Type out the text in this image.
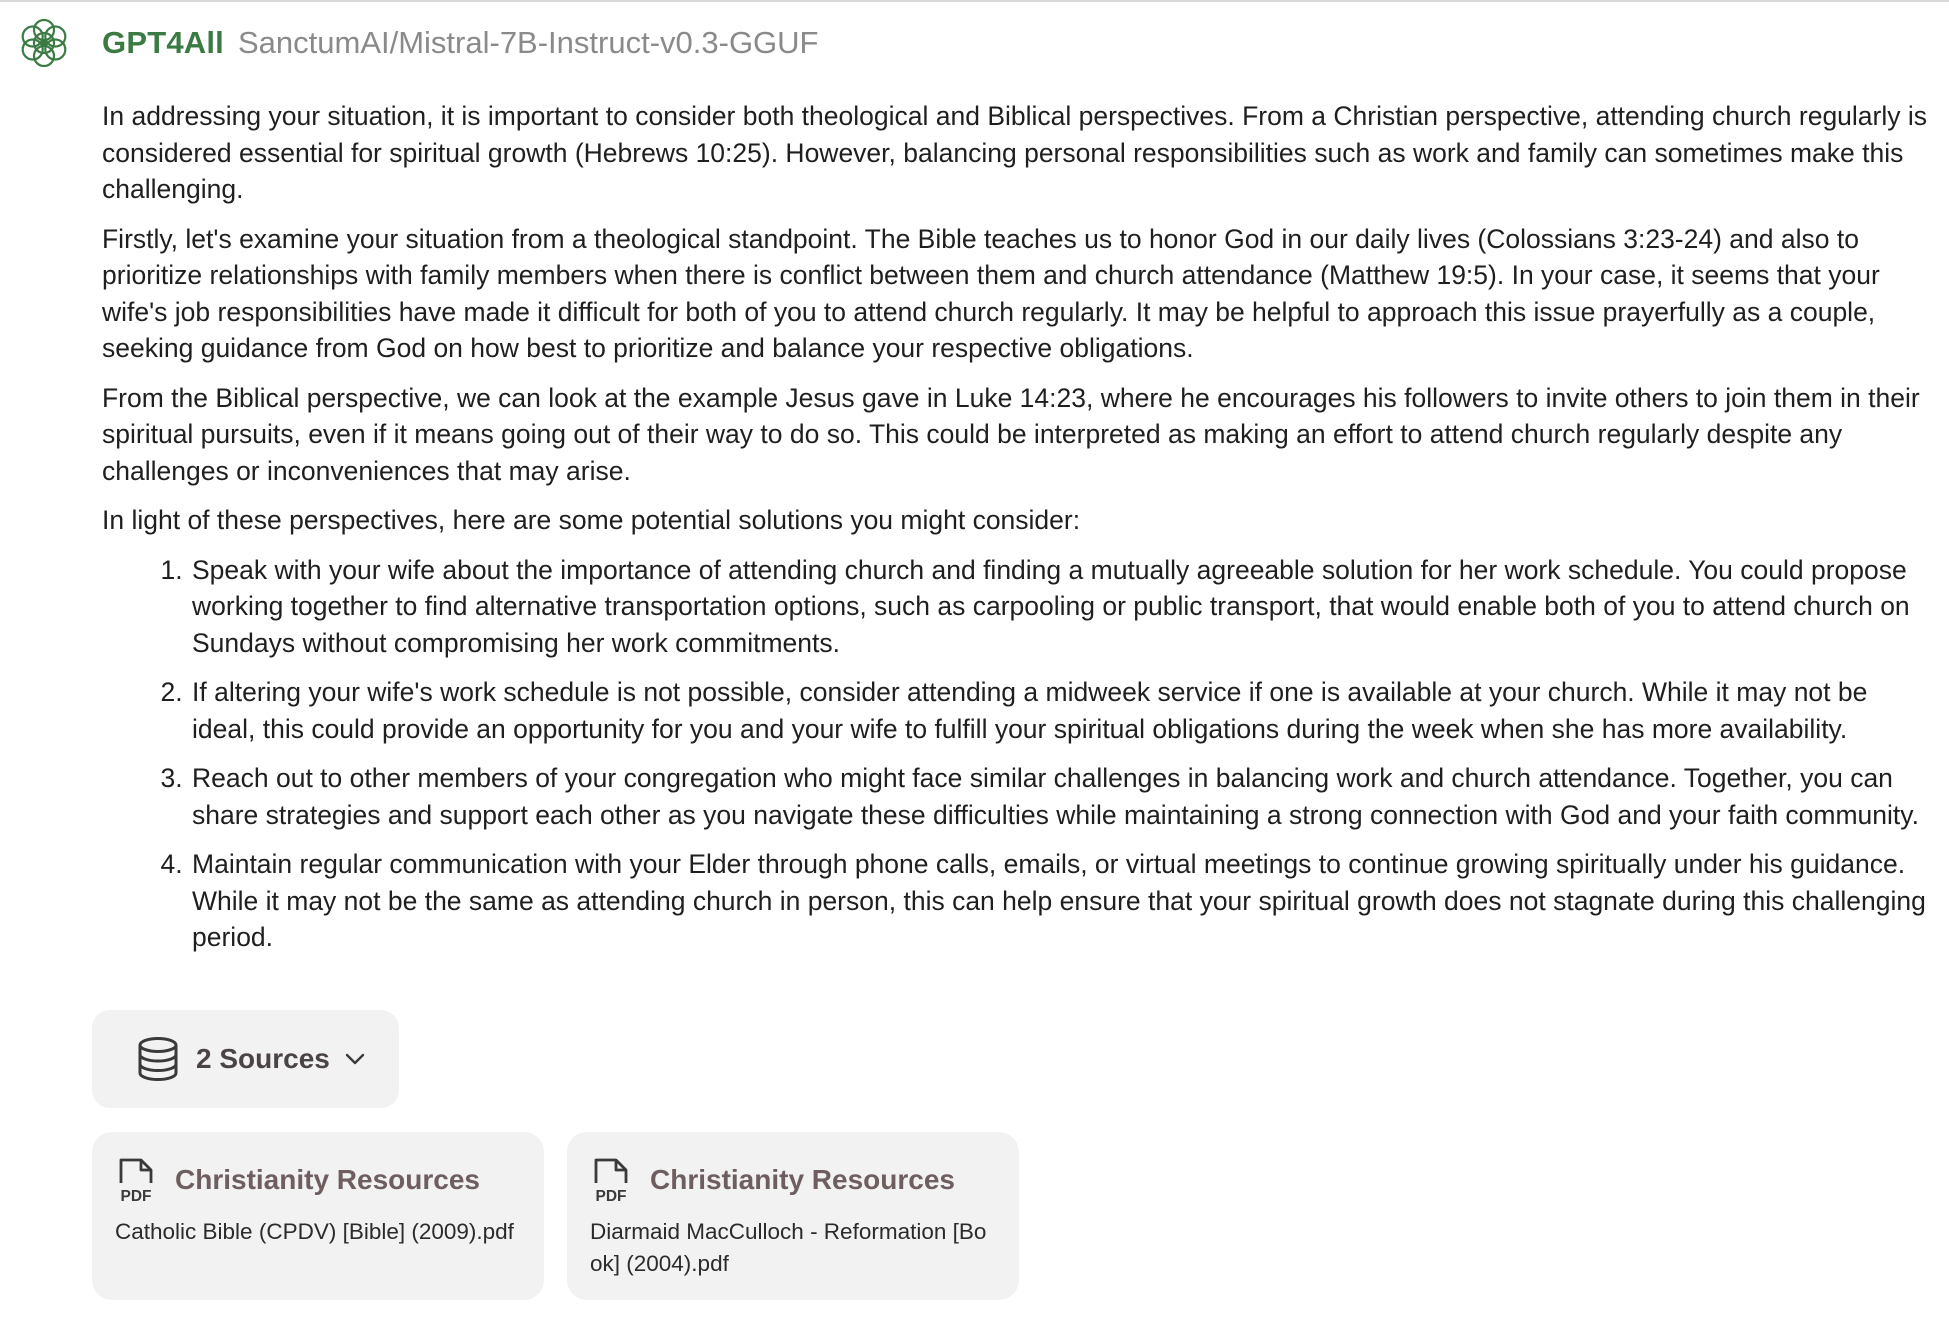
GPT4All SanctumAI/Mistral-7B-Instruct-v0.3-GGUF

In addressing your situation, it is important to consider both theological and Biblical perspectives. From a Christian perspective, attending church regularly is considered essential for spiritual growth (Hebrews 10:25). However, balancing personal responsibilities such as work and family can sometimes make this challenging.

Firstly, let's examine your situation from a theological standpoint. The Bible teaches us to honor God in our daily lives (Colossians 3:23-24) and also to prioritize relationships with family members when there is conflict between them and church attendance (Matthew 19:5). In your case, it seems that your wife's job responsibilities have made it difficult for both of you to attend church regularly. It may be helpful to approach this issue prayerfully as a couple, seeking guidance from God on how best to prioritize and balance your respective obligations.

From the Biblical perspective, we can look at the example Jesus gave in Luke 14:23, where he encourages his followers to invite others to join them in their spiritual pursuits, even if it means going out of their way to do so. This could be interpreted as making an effort to attend church regularly despite any challenges or inconveniences that may arise.

In light of these perspectives, here are some potential solutions you might consider:

1. Speak with your wife about the importance of attending church and finding a mutually agreeable solution for her work schedule. You could propose working together to find alternative transportation options, such as carpooling or public transport, that would enable both of you to attend church on Sundays without compromising her work commitments.
2. If altering your wife's work schedule is not possible, consider attending a midweek service if one is available at your church. While it may not be ideal, this could provide an opportunity for you and your wife to fulfill your spiritual obligations during the week when she has more availability.
3. Reach out to other members of your congregation who might face similar challenges in balancing work and church attendance. Together, you can share strategies and support each other as you navigate these difficulties while maintaining a strong connection with God and your faith community.
4. Maintain regular communication with your Elder through phone calls, emails, or virtual meetings to continue growing spiritually under his guidance. While it may not be the same as attending church in person, this can help ensure that your spiritual growth does not stagnate during this challenging period.
2 Sources
PDF
Christianity Resources
Catholic Bible (CPDV) [Bible] (2009).pdf
PDF
Christianity Resources
Diarmaid MacCulloch - Reformation [Book] (2004).pdf
